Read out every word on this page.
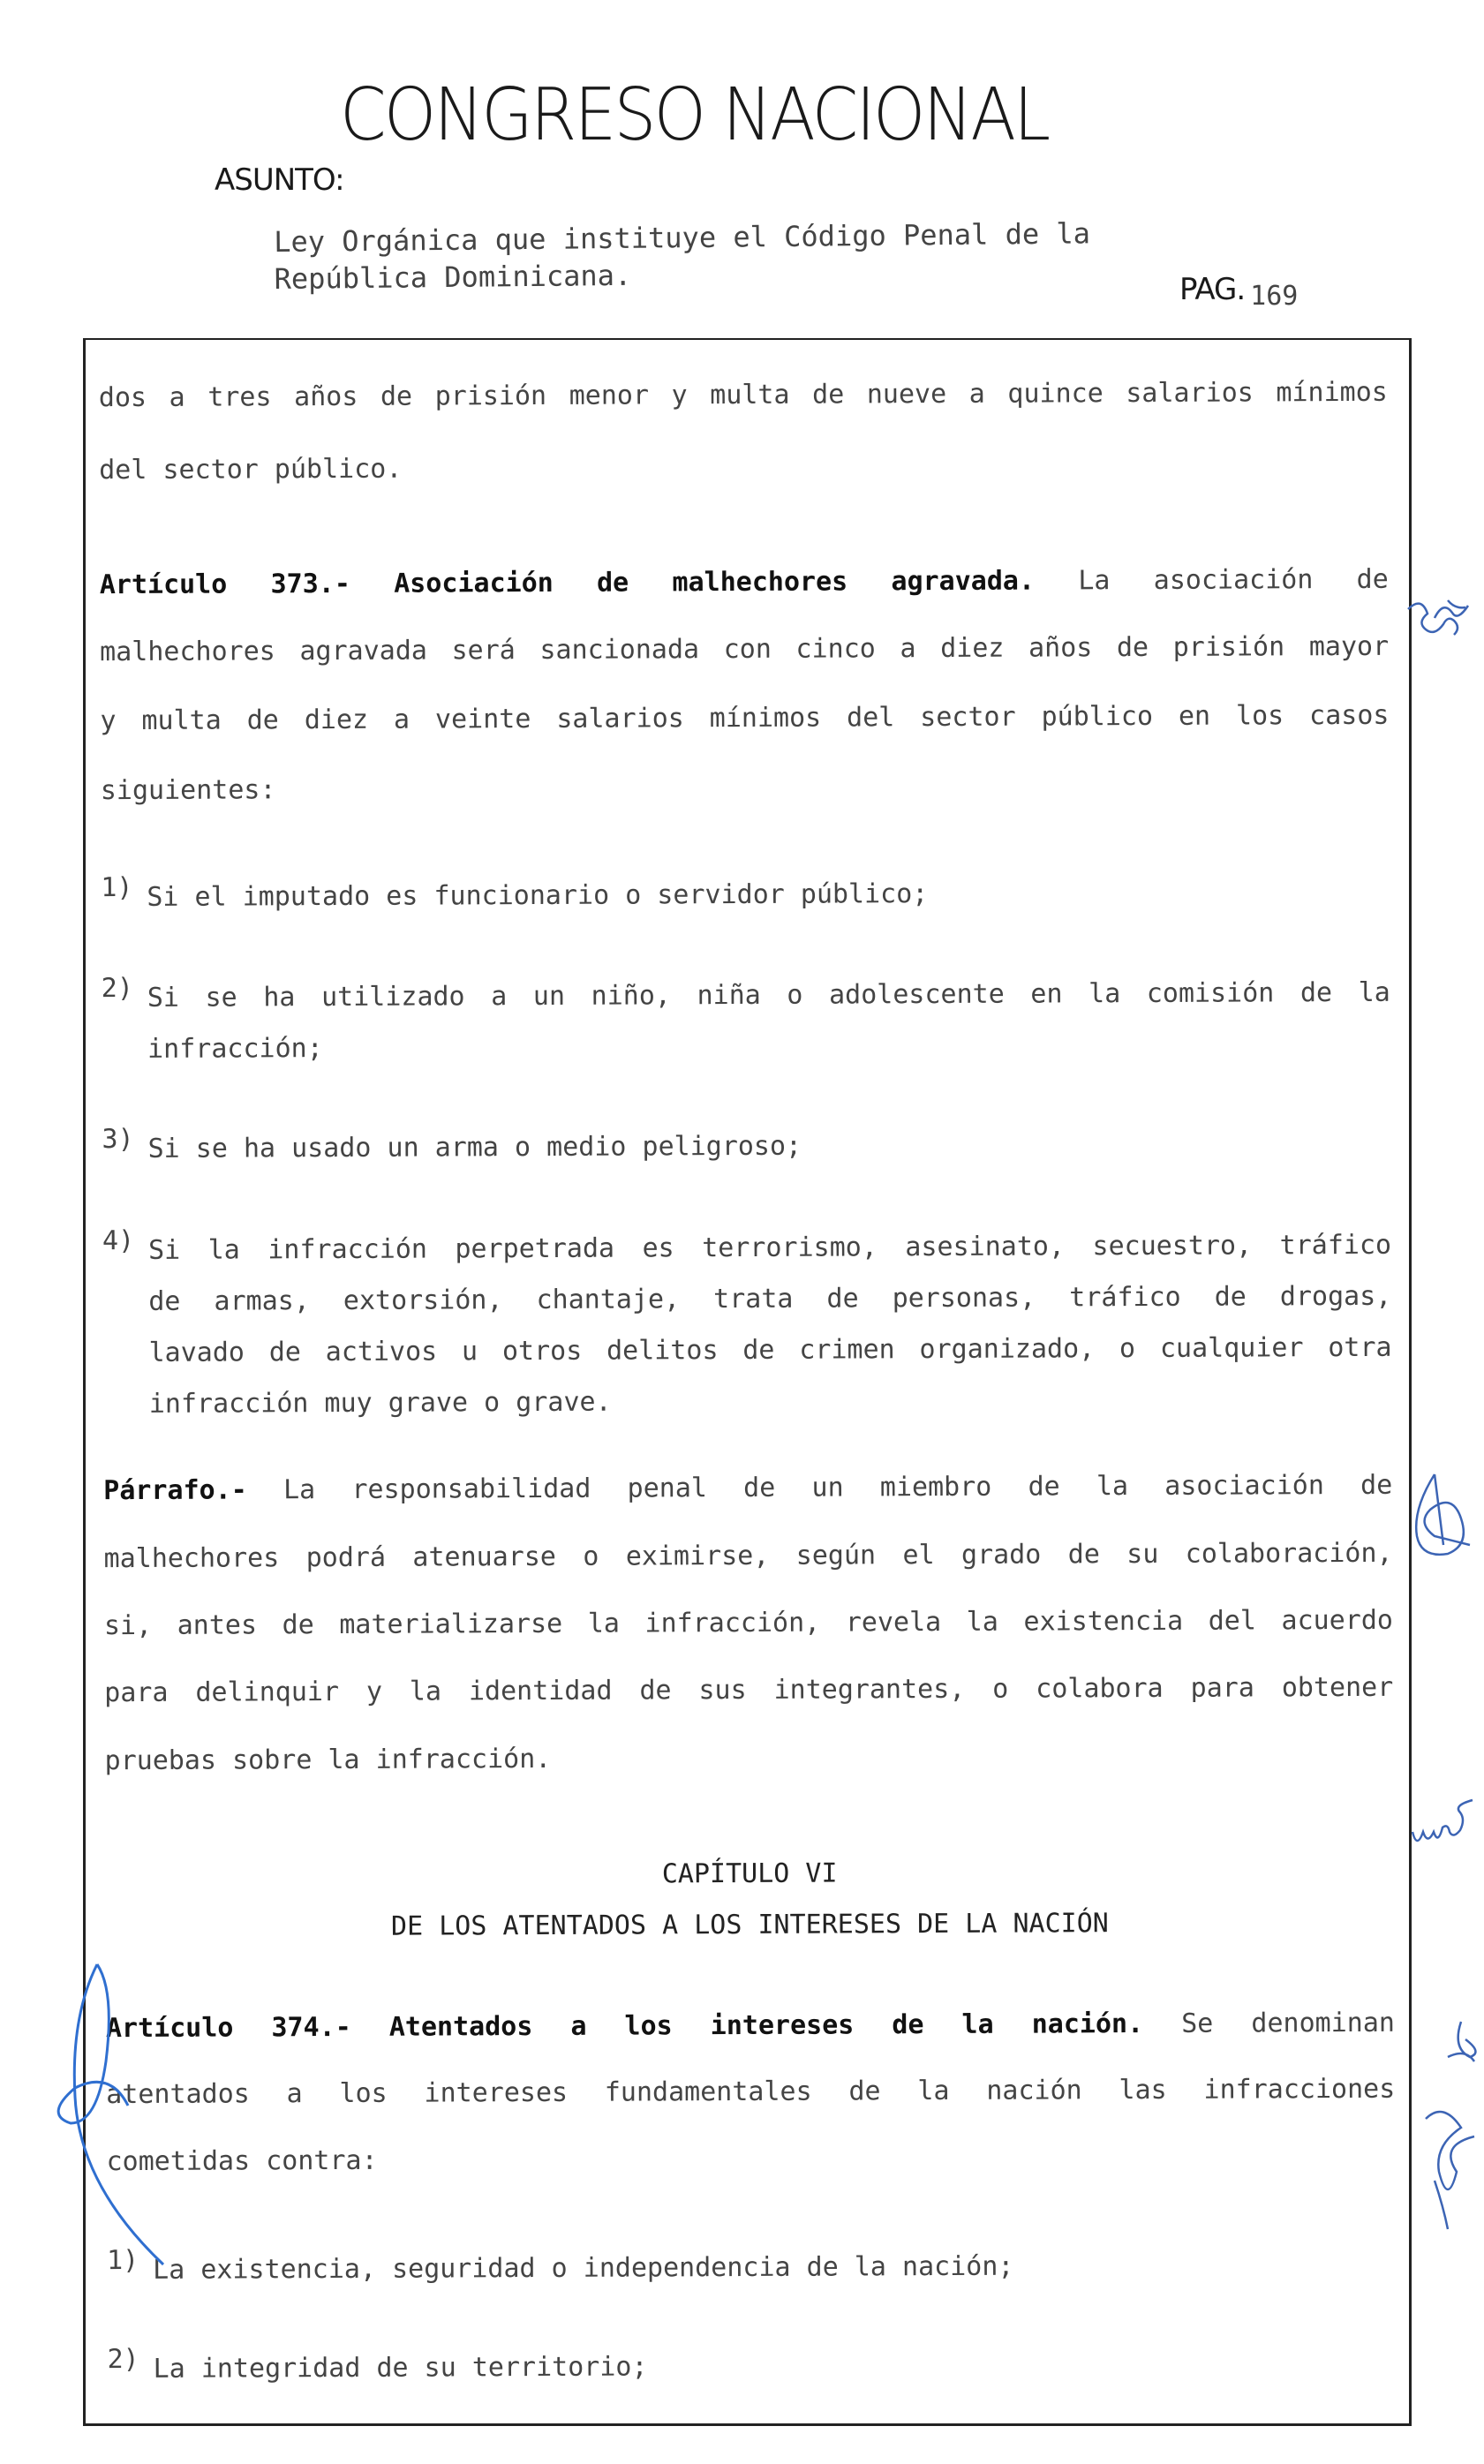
CONGRESO NACIONAL
ASUNTO:
Ley Orgánica que instituye el Código Penal de la
República Dominicana.	PAG. 169
dos a tres años de prisión menor y multa de nueve a quince salarios mínimos
del sector público.
Artículo 373.- Asociación de malhechores agravada. La asociación de
malhechores agravada será sancionada con cinco a diez años de prisión mayor
y multa de diez a veinte salarios mínimos del sector público en los casos
siguientes:
1) Si el imputado es funcionario o servidor público;
2) Si se ha utilizado a un niño, niña o adolescente en la comisión de la
infracción;
3) Si se ha usado un arma o medio peligroso;
4) Si la infracción perpetrada es terrorismo, asesinato, secuestro, tráfico
de armas, extorsión, chantaje, trata de personas, tráfico de drogas,
lavado de activos u otros delitos de crimen organizado, o cualquier otra
infracción muy grave o grave.
Párrafo.- La responsabilidad penal de un miembro de la asociación de
malhechores podrá atenuarse o eximirse, según el grado de su colaboración,
si, antes de materializarse la infracción, revela la existencia del acuerdo
para delinquir y la identidad de sus integrantes, o colabora para obtener
pruebas sobre la infracción.
CAPÍTULO VI
DE LOS ATENTADOS A LOS INTERESES DE LA NACIÓN
Artículo 374.- Atentados a los intereses de la nación. Se denominan
atentados a los intereses fundamentales de la nación las infracciones
cometidas contra:
1) La existencia, seguridad o independencia de la nación;
2) La integridad de su territorio;
